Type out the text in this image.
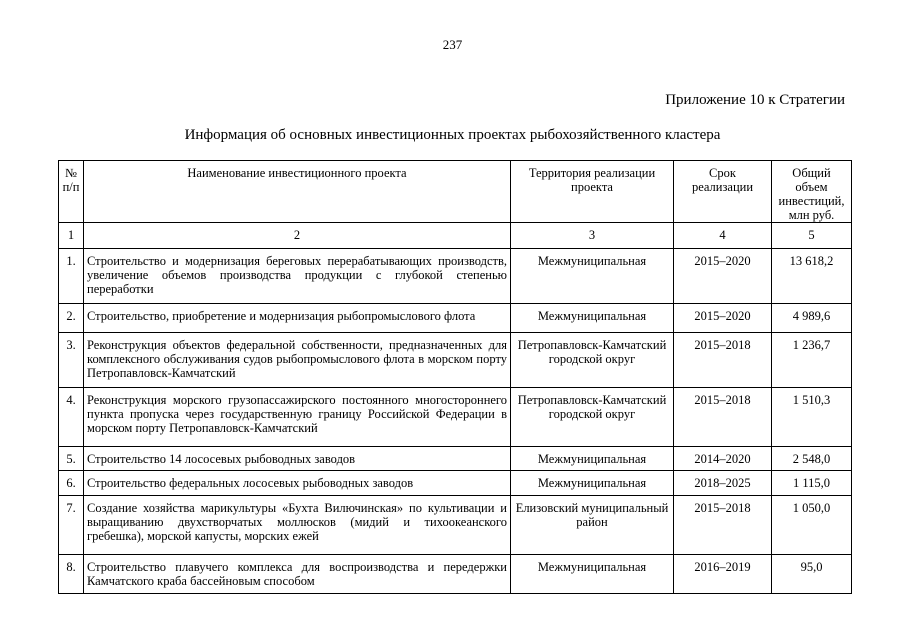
237
Приложение 10 к Стратегии
Информация об основных инвестиционных проектах рыбохозяйственного кластера
№ п/п	Наименование инвестиционного проекта	Территория реализации проекта	Срок реализации	Общий объем инвестиций, млн руб.
1	2	3	4	5
1.	Строительство и модернизация береговых перерабатывающих производств, увеличение объемов производства продукции с глубокой степенью переработки	Межмуниципальная	2015–2020	13 618,2
2.	Строительство, приобретение и модернизация рыбопромыслового флота	Межмуниципальная	2015–2020	4 989,6
3.	Реконструкция объектов федеральной собственности, предназначенных для комплексного обслуживания судов рыбопромыслового флота в морском порту Петропавловск-Камчатский	Петропавловск-Камчатский городской округ	2015–2018	1 236,7
4.	Реконструкция морского грузопассажирского постоянного многостороннего пункта пропуска через государственную границу Российской Федерации в морском порту Петропавловск-Камчатский	Петропавловск-Камчатский городской округ	2015–2018	1 510,3
5.	Строительство 14 лососевых рыбоводных заводов	Межмуниципальная	2014–2020	2 548,0
6.	Строительство федеральных лососевых рыбоводных заводов	Межмуниципальная	2018–2025	1 115,0
7.	Создание хозяйства марикультуры «Бухта Вилючинская» по культивации и выращиванию двухстворчатых моллюсков (мидий и тихоокеанского гребешка), морской капусты, морских ежей	Елизовский муниципальный район	2015–2018	1 050,0
8.	Строительство плавучего комплекса для воспроизводства и передержки Камчатского краба бассейновым способом	Межмуниципальная	2016–2019	95,0
